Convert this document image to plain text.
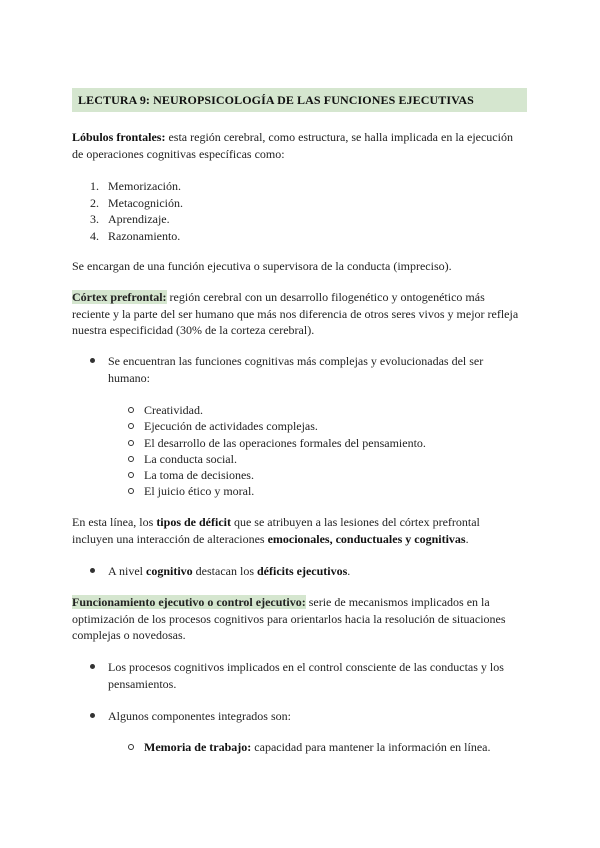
LECTURA 9: NEUROPSICOLOGÍA DE LAS FUNCIONES EJECUTIVAS

Lóbulos frontales: esta región cerebral, como estructura, se halla implicada en la ejecución
de operaciones cognitivas específicas como:

1. Memorización.
2. Metacognición.
3. Aprendizaje.
4. Razonamiento.

Se encargan de una función ejecutiva o supervisora de la conducta (impreciso).

Córtex prefrontal: región cerebral con un desarrollo filogenético y ontogenético más
reciente y la parte del ser humano que más nos diferencia de otros seres vivos y mejor refleja
nuestra especificidad (30% de la corteza cerebral).

Se encuentran las funciones cognitivas más complejas y evolucionadas del ser
humano:
Creatividad.
Ejecución de actividades complejas.
El desarrollo de las operaciones formales del pensamiento.
La conducta social.
La toma de decisiones.
El juicio ético y moral.

En esta línea, los tipos de déficit que se atribuyen a las lesiones del córtex prefrontal
incluyen una interacción de alteraciones emocionales, conductuales y cognitivas.

A nivel cognitivo destacan los déficits ejecutivos.

Funcionamiento ejecutivo o control ejecutivo: serie de mecanismos implicados en la
optimización de los procesos cognitivos para orientarlos hacia la resolución de situaciones
complejas o novedosas.

Los procesos cognitivos implicados en el control consciente de las conductas y los
pensamientos.
Algunos componentes integrados son:
Memoria de trabajo: capacidad para mantener la información en línea.
